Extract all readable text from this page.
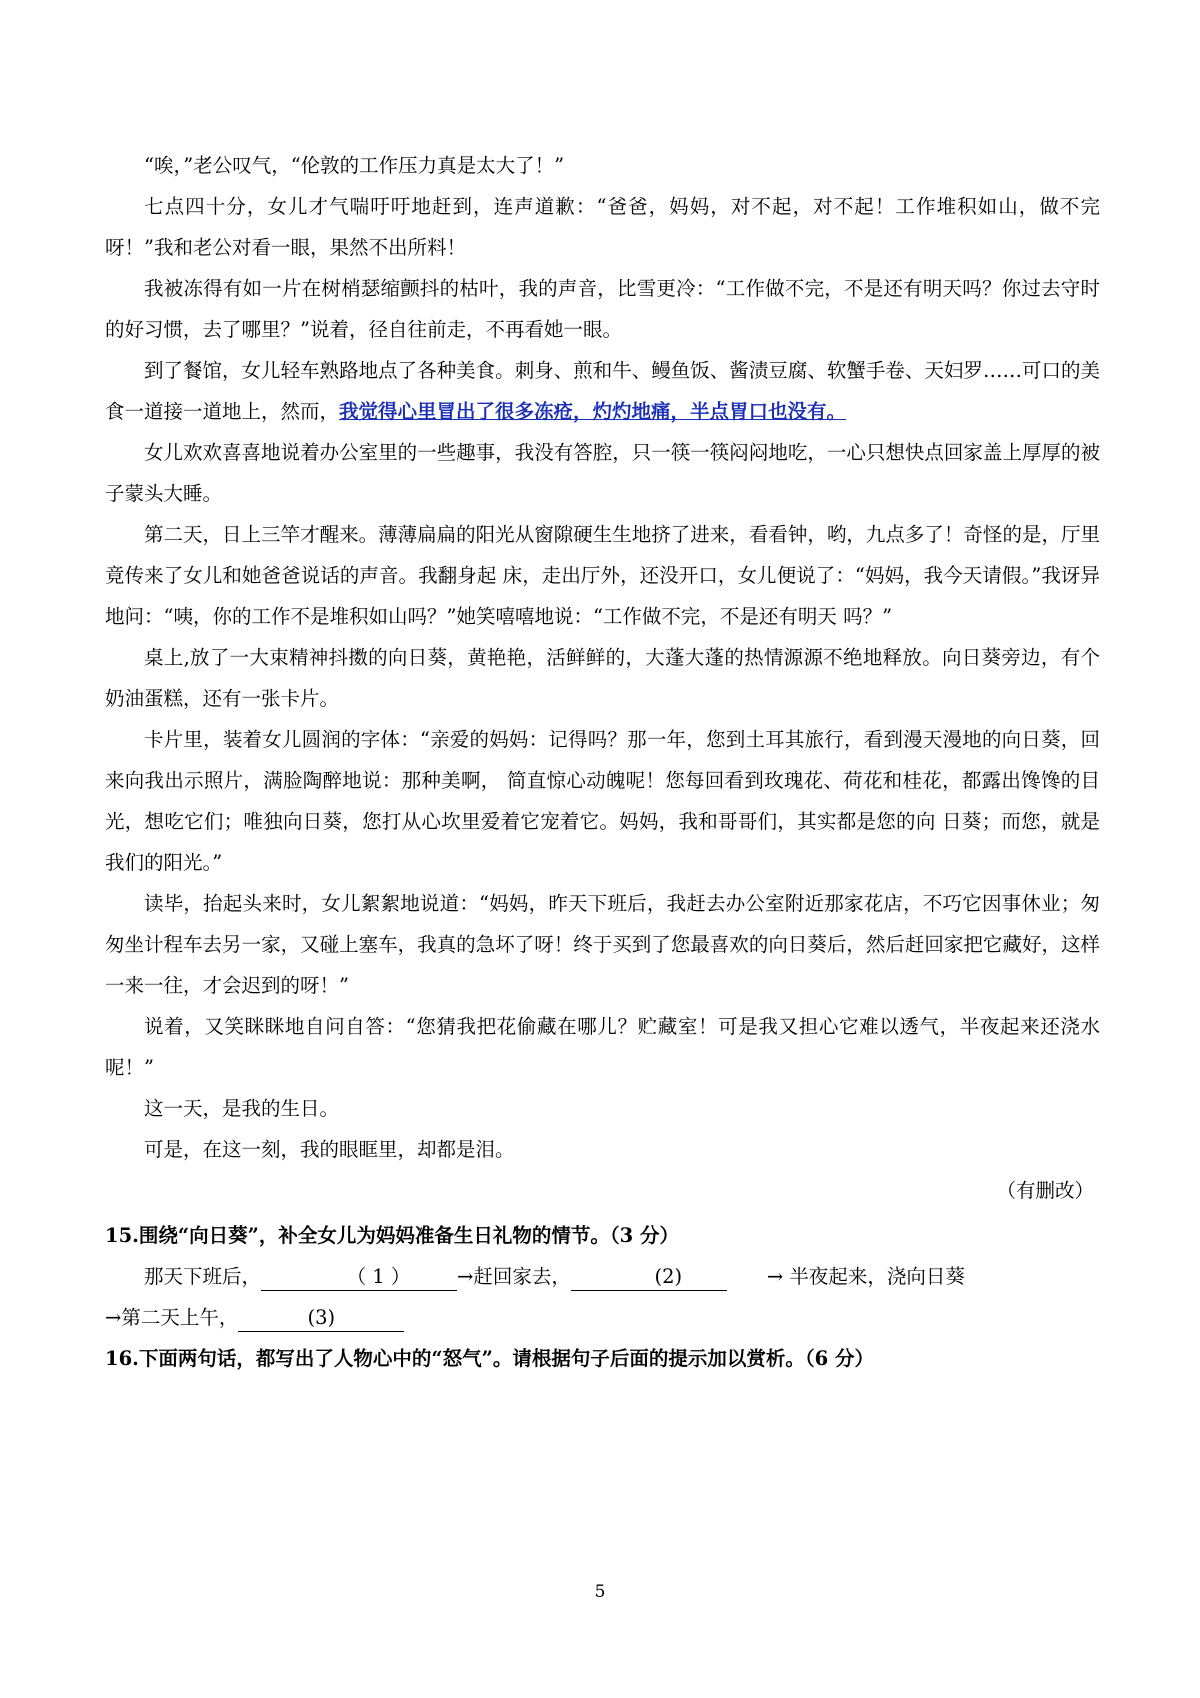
“唉，”老公叹气，“伦敦的工作压力真是太大了！”

七点四十分，女儿才气喘吁吁地赶到，连声道歉：“爸爸，妈妈，对不起，对不起！工作堆积如山，做不完呀！”我和老公对看一眼，果然不出所料！

我被冻得有如一片在树梢瑟缩颤抖的枯叶，我的声音，比雪更冷：“工作做不完，不是还有明天吗？你过去守时的好习惯，去了哪里？”说着，径自往前走，不再看她一眼。

到了餐馆，女儿轻车熟路地点了各种美食。刺身、煎和牛、鳗鱼饭、酱渍豆腐、软蟹手卷、天妇罗……可口的美食一道接一道地上，然而，我觉得心里冒出了很多冻疮，灼灼地痛，半点胃口也没有。

女儿欢欢喜喜地说着办公室里的一些趣事，我没有答腔，只一筷一筷闷闷地吃，一心只想快点回家盖上厚厚的被子蒙头大睡。

第二天，日上三竿才醒来。薄薄扁扁的阳光从窗隙硬生生地挤了进来，看看钟，哟，九点多了！奇怪的是，厅里竟传来了女儿和她爸爸说话的声音。我翻身起 床，走出厅外，还没开口，女儿便说了：“妈妈，我今天请假。”我讶异地问：“咦，你的工作不是堆积如山吗？”她笑嘻嘻地说：“工作做不完，不是还有明天 吗？”

桌上,放了一大束精神抖擞的向日葵，黄艳艳，活鲜鲜的，大蓬大蓬的热情源源不绝地释放。向日葵旁边，有个奶油蛋糕，还有一张卡片。

卡片里，装着女儿圆润的字体：“亲爱的妈妈：记得吗？那一年，您到土耳其旅行，看到漫天漫地的向日葵，回来向我出示照片，满脸陶醉地说：那种美啊， 简直惊心动魄呢！您每回看到玫瑰花、荷花和桂花，都露出馋馋的目光，想吃它们；唯独向日葵，您打从心坎里爱着它宠着它。妈妈，我和哥哥们，其实都是您的向 日葵；而您，就是我们的阳光。”

读毕，抬起头来时，女儿絮絮地说道：“妈妈，昨天下班后，我赶去办公室附近那家花店，不巧它因事休业；匆匆坐计程车去另一家，又碰上塞车，我真的急坏了呀！终于买到了您最喜欢的向日葵后，然后赶回家把它藏好，这样一来一往，才会迟到的呀！”

说着，又笑眯眯地自问自答：“您猜我把花偷藏在哪儿？贮藏室！可是我又担心它难以透气，半夜起来还浇水呢！”

这一天，是我的生日。

可是，在这一刻，我的眼眶里，却都是泪。

（有删改）

15.围绕“向日葵”，补全女儿为妈妈准备生日礼物的情节。（3 分）

那天下班后，	（ 1 ） →赶回家去，	(2)	→ 半夜起来，浇向日葵

→第二天上午，	(3)

16.下面两句话，都写出了人物心中的“怒气”。请根据句子后面的提示加以赏析。（6 分）

5
